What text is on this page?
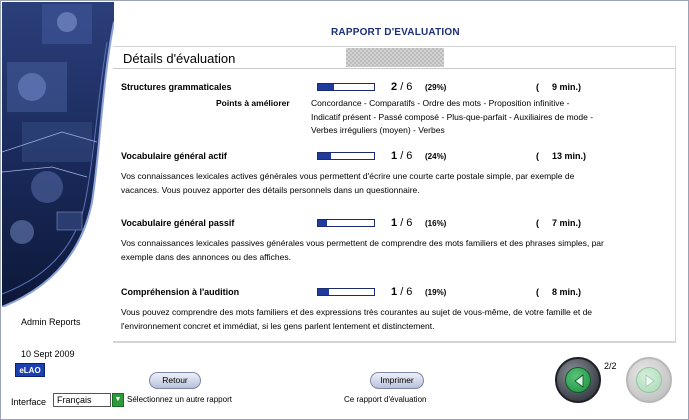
Admin Reports
10 Sept 2009
eLAO
Interface	Français	▼
RAPPORT D'EVALUATION
Détails d'évaluation
Structures grammaticales	2 / 6 (29%)	( 9 min.)
Points à améliorer	Concordance - Comparatifs - Ordre des mots - Proposition infinitive - Indicatif présent - Passé composé - Plus-que-parfait - Auxiliaires de mode - Verbes irréguliers (moyen) - Verbes
Vocabulaire général actif	1 / 6 (24%)	( 13 min.)
Vos connaissances lexicales actives générales vous permettent d'écrire une courte carte postale simple, par exemple de vacances. Vous pouvez apporter des détails personnels dans un questionnaire.
Vocabulaire général passif	1 / 6 (16%)	( 7 min.)
Vos connaissances lexicales passives générales vous permettent de comprendre des mots familiers et des phrases simples, par exemple dans des annonces ou des affiches.
Compréhension à l'audition	1 / 6 (19%)	( 8 min.)
Vous pouvez comprendre des mots familiers et des expressions très courantes au sujet de vous-même, de votre famille et de l'environnement concret et immédiat, si les gens parlent lentement et distinctement.
Retour
Sélectionnez un autre rapport
Imprimer
Ce rapport d'évaluation
2/2
